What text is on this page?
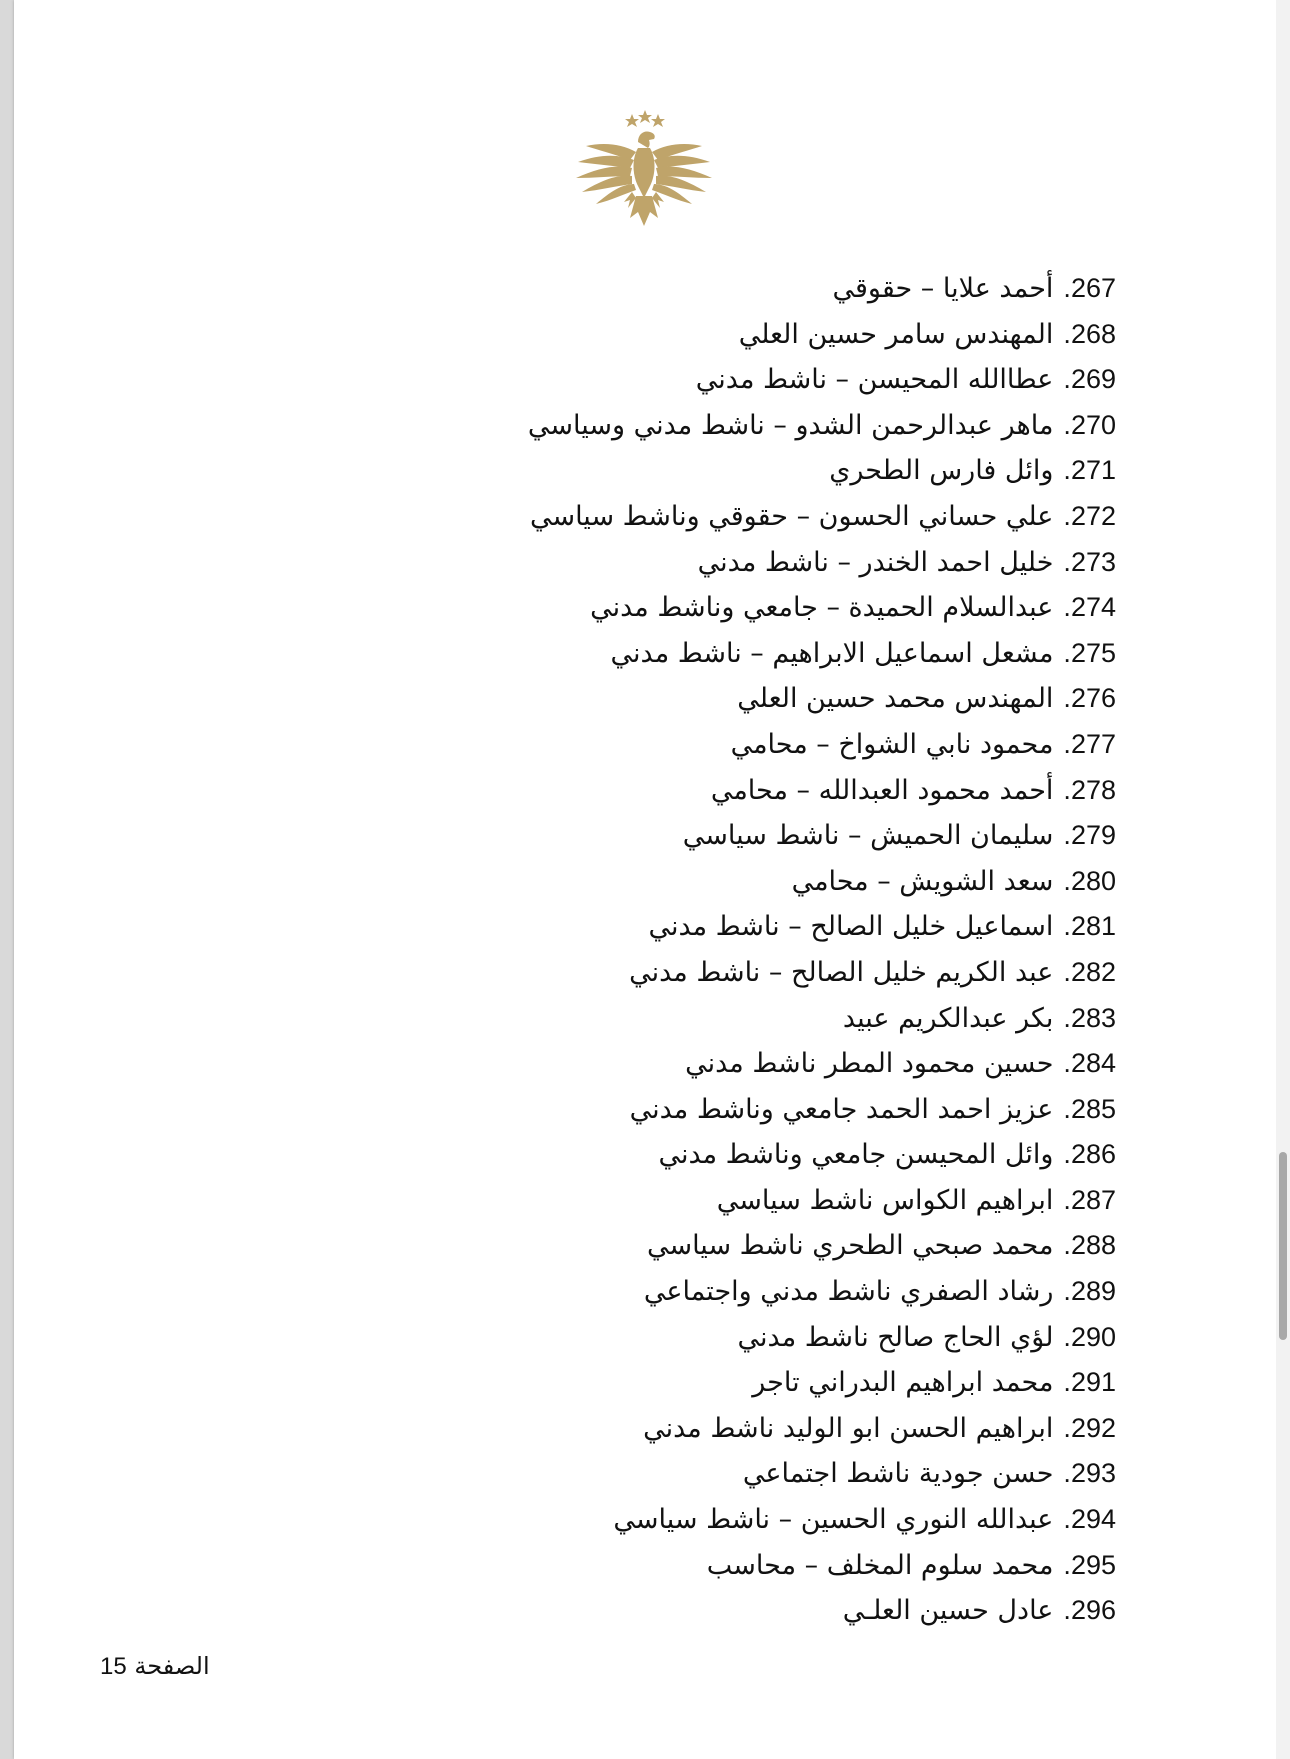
267.أحمد علايا – حقوقي
268.المهندس سامر حسين العلي
269.عطاالله المحيسن – ناشط مدني
270.ماهر عبدالرحمن الشدو – ناشط مدني وسياسي
271.وائل فارس الطحري
272.علي حساني الحسون – حقوقي وناشط سياسي
273.خليل احمد الخندر – ناشط مدني
274.عبدالسلام الحميدة – جامعي وناشط مدني
275.مشعل اسماعيل الابراهيم – ناشط مدني
276.المهندس محمد حسين العلي
277.محمود نابي الشواخ – محامي
278.أحمد محمود العبدالله – محامي
279.سليمان الحميش – ناشط سياسي
280.سعد الشويش – محامي
281.اسماعيل خليل الصالح – ناشط مدني
282.عبد الكريم خليل الصالح – ناشط مدني
283.بكر عبدالكريم عبيد
284.حسين محمود المطر ناشط مدني
285.عزيز احمد الحمد جامعي وناشط مدني
286.وائل المحيسن جامعي وناشط مدني
287.ابراهيم الكواس ناشط سياسي
288.محمد صبحي الطحري ناشط سياسي
289.رشاد الصفري ناشط مدني واجتماعي
290.لؤي الحاج صالح ناشط مدني
291.محمد ابراهيم البدراني تاجر
292.ابراهيم الحسن ابو الوليد ناشط مدني
293.حسن جودية ناشط اجتماعي
294.عبدالله النوري الحسين – ناشط سياسي
295.محمد سلوم المخلف – محاسب
296.عادل حسين العلـي
الصفحة 15
